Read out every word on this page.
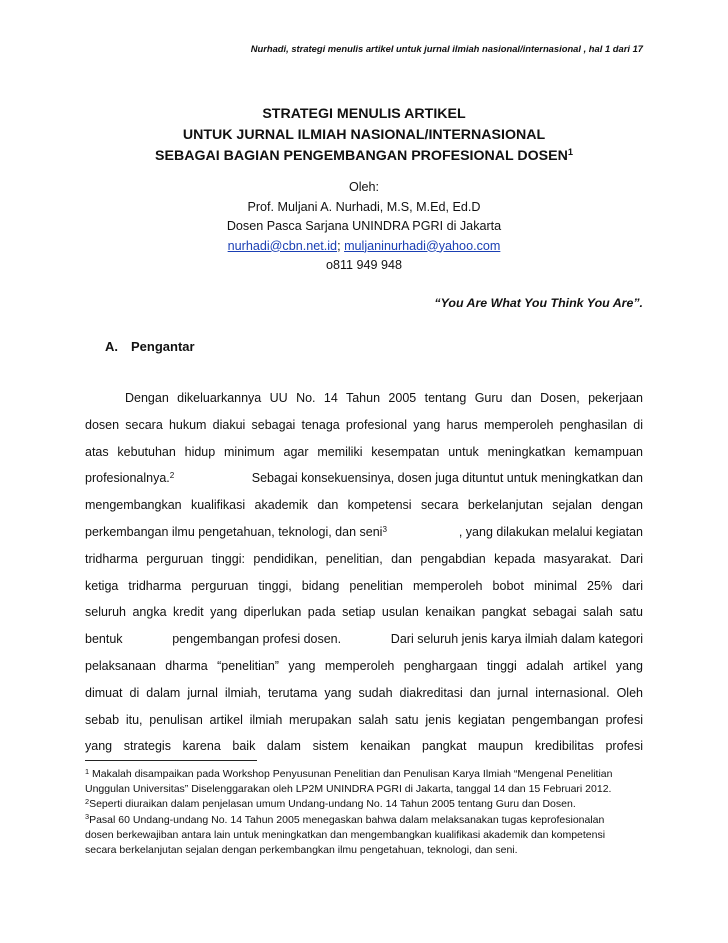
Nurhadi, strategi menulis artikel untuk jurnal ilmiah nasional/internasional , hal 1 dari 17
STRATEGI MENULIS ARTIKEL
UNTUK JURNAL ILMIAH NASIONAL/INTERNASIONAL
SEBAGAI BAGIAN PENGEMBANGAN PROFESIONAL DOSEN$^1$
Oleh:
Prof. Muljani A. Nurhadi, M.S, M.Ed, Ed.D
Dosen Pasca Sarjana UNINDRA PGRI di Jakarta
nurhadi@cbn.net.id; muljaninurhadi@yahoo.com
o811 949 948
“You Are What You Think You Are”.
A. Pengantar
Dengan dikeluarkannya UU No. 14 Tahun 2005 tentang Guru dan Dosen, pekerjaan
dosen secara hukum diakui sebagai tenaga profesional yang harus memperoleh penghasilan di
atas kebutuhan hidup minimum agar memiliki kesempatan untuk meningkatkan kemampuan
profesionalnya.$^2$	Sebagai konsekuensinya, dosen juga dituntut untuk meningkatkan dan
mengembangkan kualifikasi akademik dan kompetensi secara berkelanjutan sejalan dengan
perkembangan ilmu pengetahuan, teknologi, dan seni$^3$	, yang dilakukan melalui kegiatan
tridharma perguruan tinggi: pendidikan, penelitian, dan pengabdian kepada masyarakat. Dari
ketiga tridharma perguruan tinggi, bidang penelitian memperoleh bobot minimal 25% dari
seluruh angka kredit yang diperlukan pada setiap usulan kenaikan pangkat sebagai salah satu
bentuk	pengembangan profesi dosen.	Dari seluruh jenis karya ilmiah dalam kategori
pelaksanaan dharma “penelitian” yang memperoleh penghargaan tinggi adalah artikel yang
dimuat di dalam jurnal ilmiah, terutama yang sudah diakreditasi dan jurnal internasional. Oleh
sebab itu, penulisan artikel ilmiah merupakan salah satu jenis kegiatan pengembangan profesi
yang strategis karena baik dalam sistem kenaikan pangkat maupun kredibilitas profesi
$^1$ Makalah disampaikan pada Workshop Penyusunan Penelitian dan Penulisan Karya Ilmiah “Mengenal Penelitian
Unggulan Universitas” Diselenggarakan oleh LP2M UNINDRA PGRI di Jakarta, tanggal 14 dan 15 Februari 2012.
$^2$Seperti diuraikan dalam penjelasan umum Undang-undang No. 14 Tahun 2005 tentang Guru dan Dosen.
$^3$Pasal 60 Undang-undang No. 14 Tahun 2005 menegaskan bahwa dalam melaksanakan tugas keprofesionalan
dosen berkewajiban antara lain untuk meningkatkan dan mengembangkan kualifikasi akademik dan kompetensi
secara berkelanjutan sejalan dengan perkembangkan ilmu pengetahuan, teknologi, dan seni.
